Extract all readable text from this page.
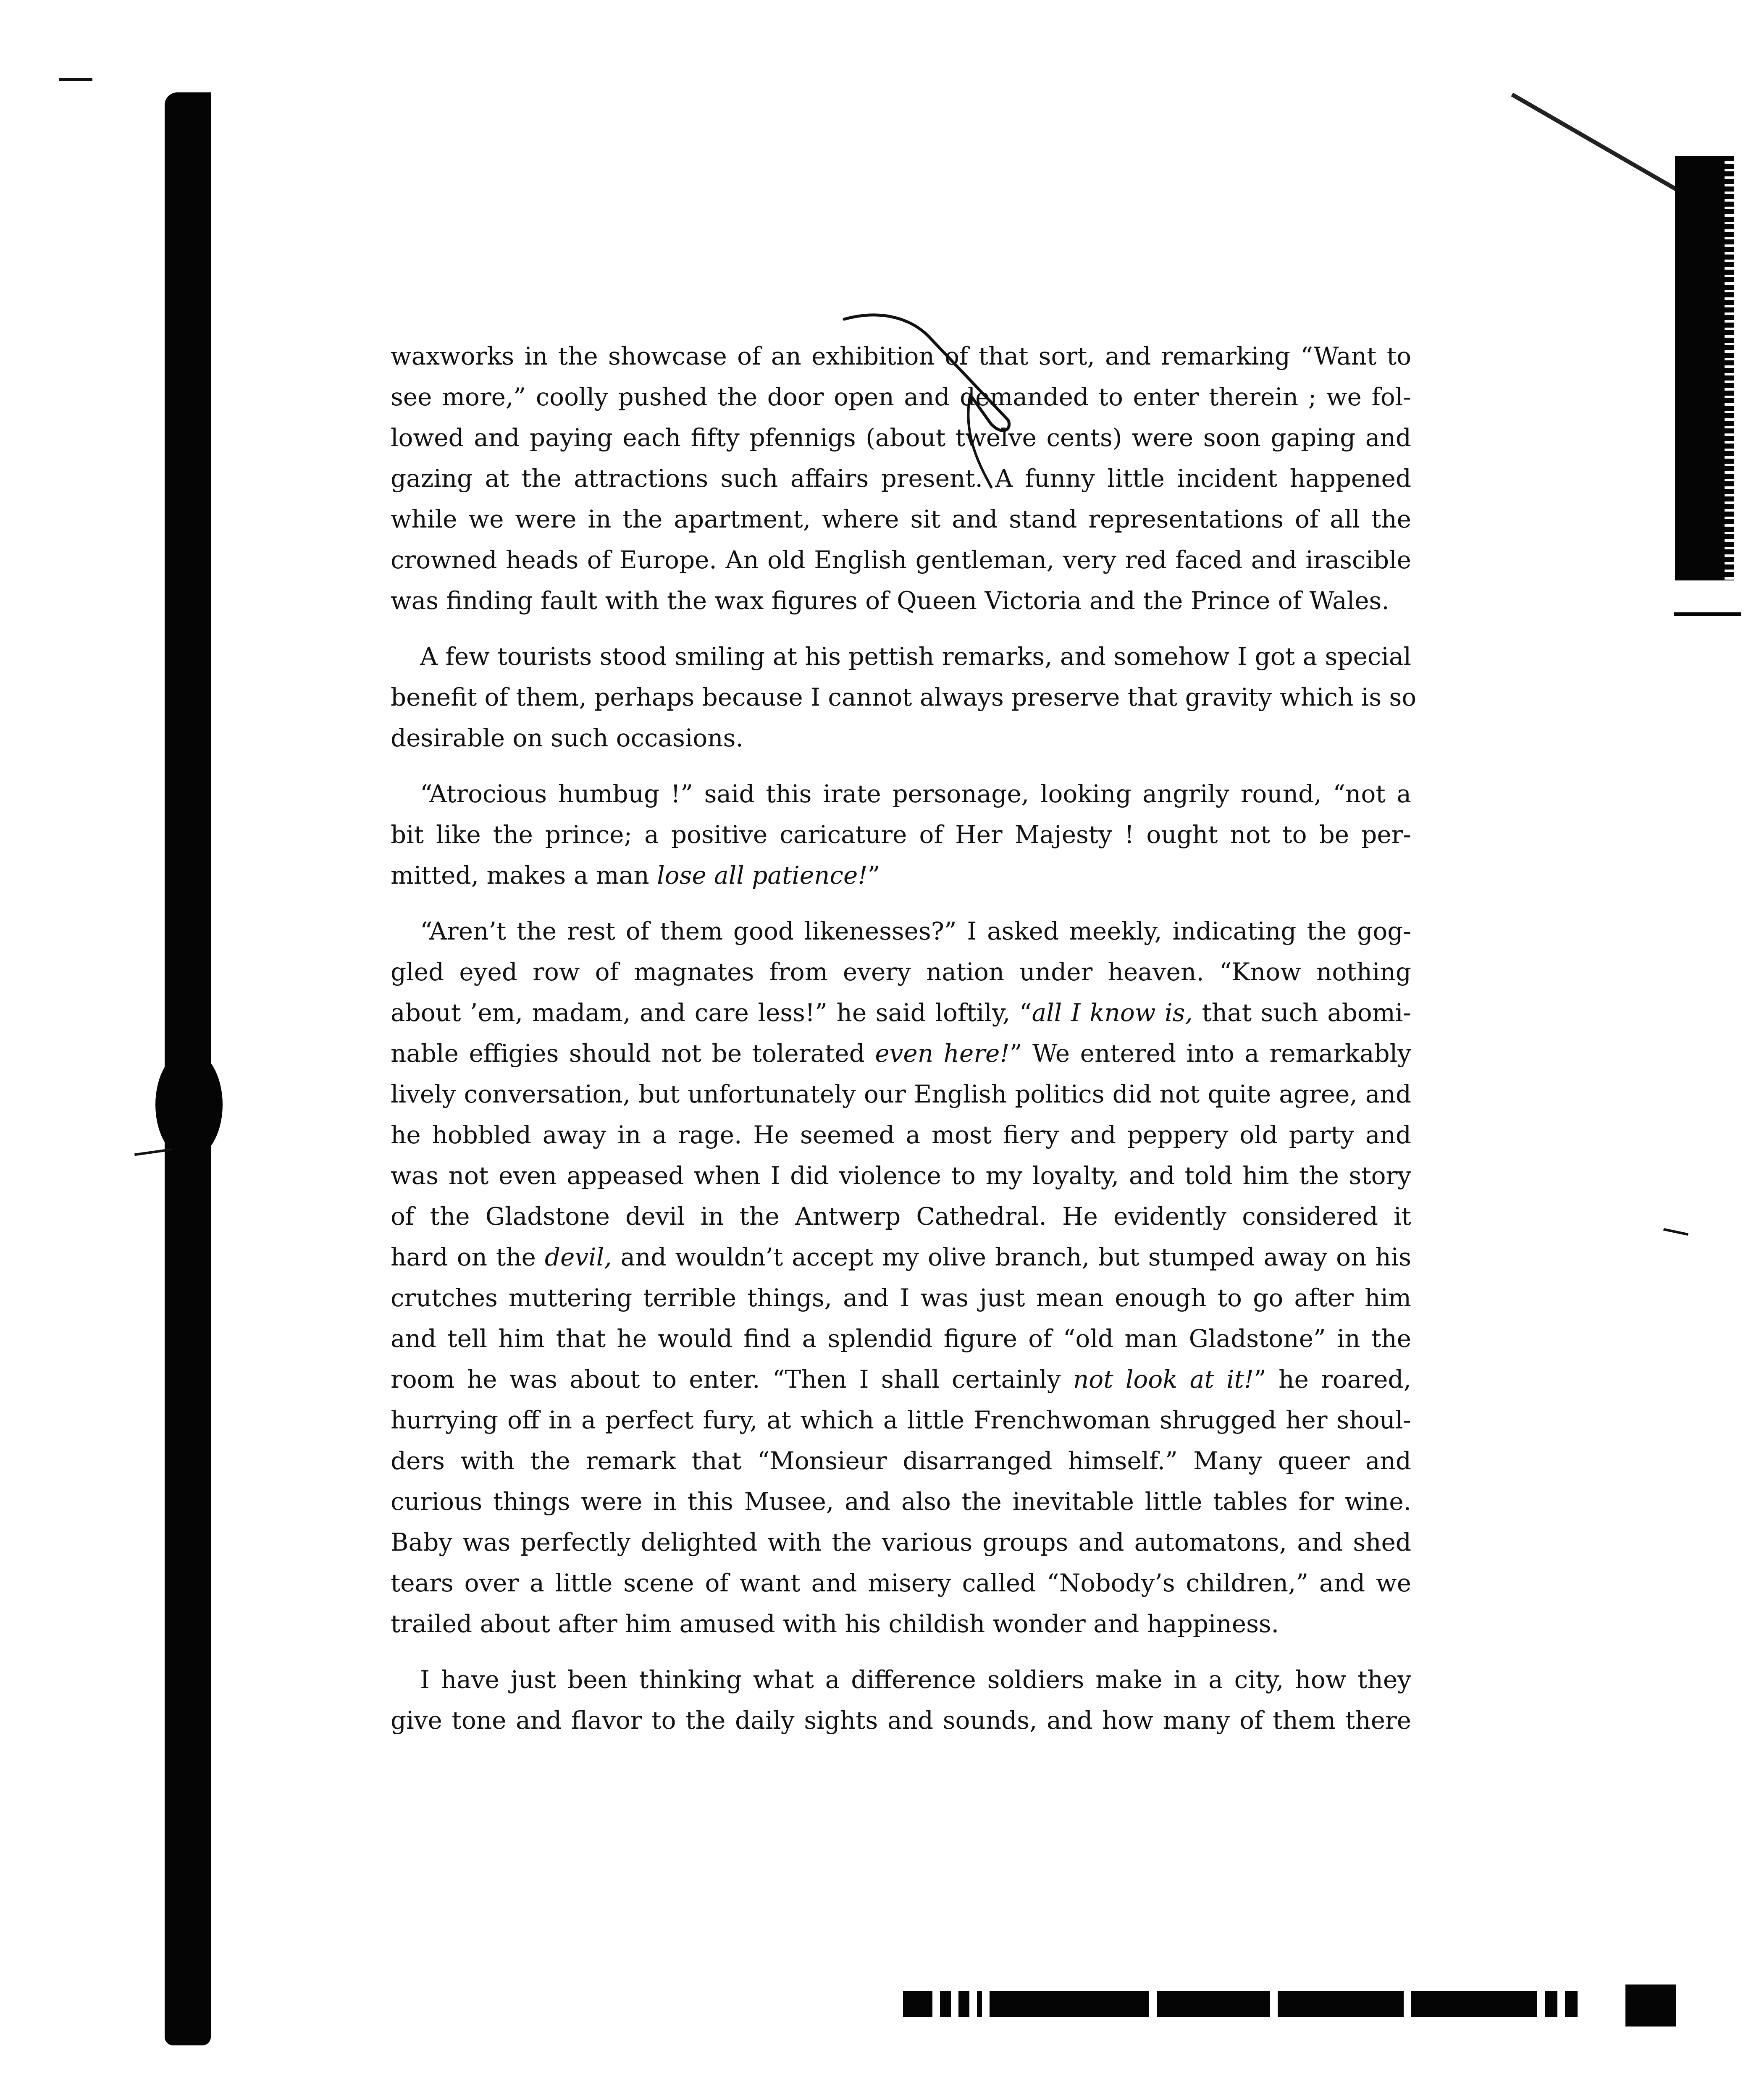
waxworks in the showcase of an exhibition of that sort, and remarking “Want to
see more,” coolly pushed the door open and demanded to enter therein ; we fol-
lowed and paying each fifty pfennigs (about twelve cents) were soon gaping and
gazing at the attractions such affairs present. A funny little incident happened
while we were in the apartment, where sit and stand representations of all the
crowned heads of Europe. An old English gentleman, very red faced and irascible
was finding fault with the wax figures of Queen Victoria and the Prince of Wales.

A few tourists stood smiling at his pettish remarks, and somehow I got a special
benefit of them, perhaps because I cannot always preserve that gravity which is so
desirable on such occasions.

“Atrocious humbug !” said this irate personage, looking angrily round, “not a
bit like the prince; a positive caricature of Her Majesty ! ought not to be per-
mitted, makes a man lose all patience!”

“Aren’t the rest of them good likenesses?” I asked meekly, indicating the gog-
gled eyed row of magnates from every nation under heaven. “Know nothing
about ’em, madam, and care less!” he said loftily, “all I know is, that such abomi-
nable effigies should not be tolerated even here!” We entered into a remarkably
lively conversation, but unfortunately our English politics did not quite agree, and
he hobbled away in a rage. He seemed a most fiery and peppery old party and
was not even appeased when I did violence to my loyalty, and told him the story
of the Gladstone devil in the Antwerp Cathedral. He evidently considered it
hard on the devil, and wouldn’t accept my olive branch, but stumped away on his
crutches muttering terrible things, and I was just mean enough to go after him
and tell him that he would find a splendid figure of “old man Gladstone” in the
room he was about to enter. “Then I shall certainly not look at it!” he roared,
hurrying off in a perfect fury, at which a little Frenchwoman shrugged her shoul-
ders with the remark that “Monsieur disarranged himself.” Many queer and
curious things were in this Musee, and also the inevitable little tables for wine.
Baby was perfectly delighted with the various groups and automatons, and shed
tears over a little scene of want and misery called “Nobody’s children,” and we
trailed about after him amused with his childish wonder and happiness.

I have just been thinking what a difference soldiers make in a city, how they
give tone and flavor to the daily sights and sounds, and how many of them there
